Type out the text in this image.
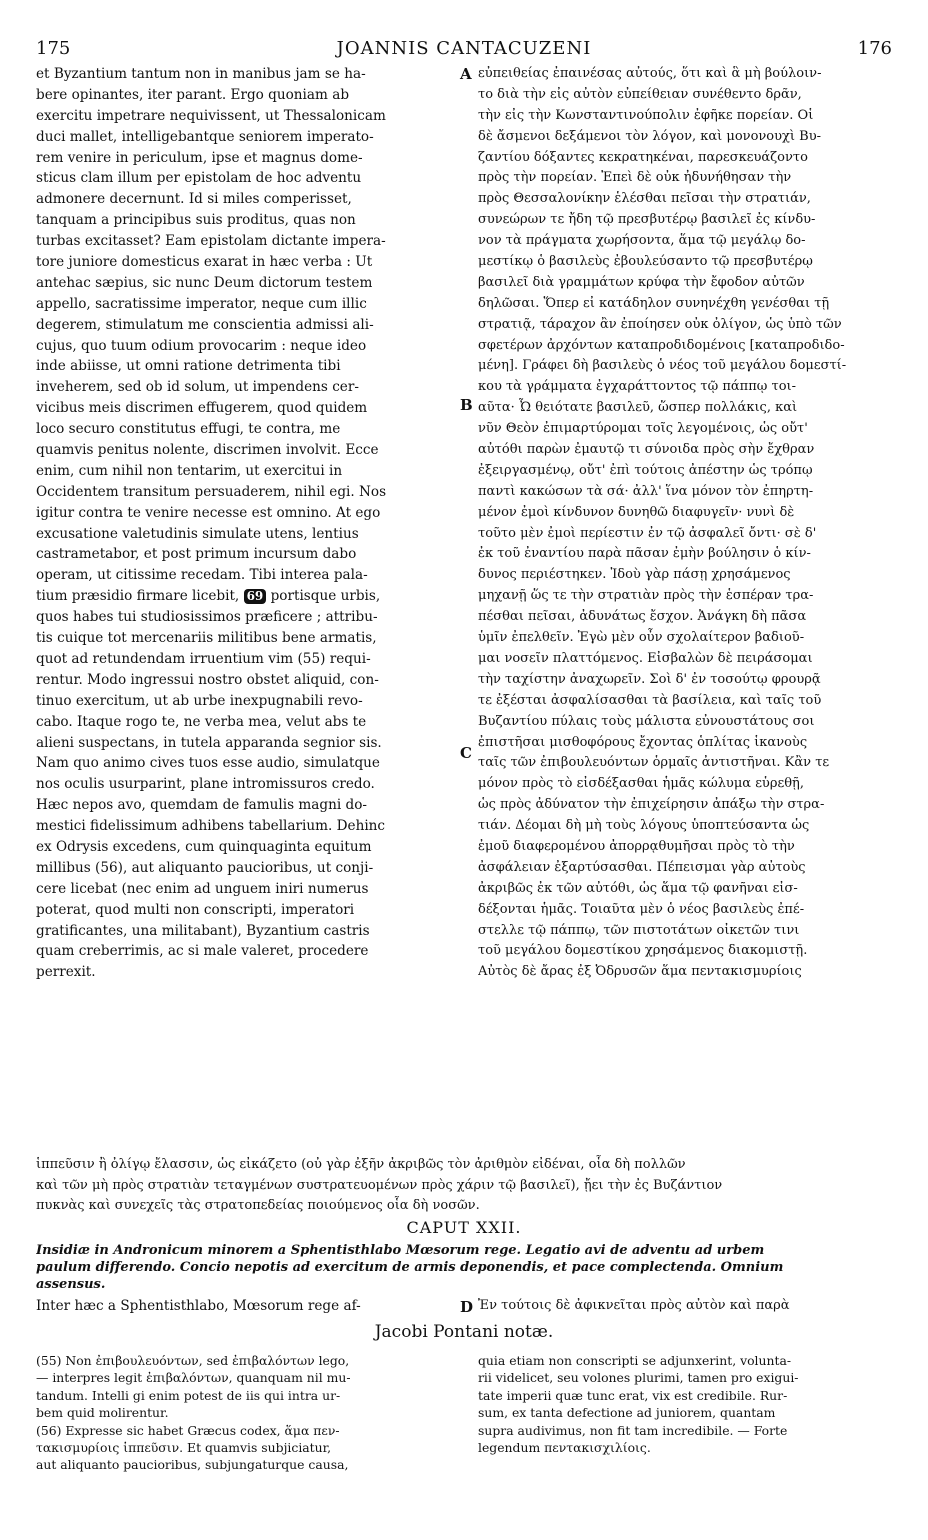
175	JOANNIS CANTACUZENI	176
et Byzantium tantum non in manibus jam se ha-
bere opinantes, iter parant. Ergo quoniam ab
exercitu impetrare nequivissent, ut Thessalonicam
duci mallet, intelligebantque seniorem imperato-
rem venire in periculum, ipse et magnus dome-
sticus clam illum per epistolam de hoc adventu
admonere decernunt. Id si miles comperisset,
tanquam a principibus suis proditus, quas non
turbas excitasset? Eam epistolam dictante impera-
tore juniore domesticus exarat in hæc verba : Ut
antehac sæpius, sic nunc Deum dictorum testem
appello, sacratissime imperator, neque cum illic
degerem, stimulatum me conscientia admissi ali-
cujus, quo tuum odium provocarim : neque ideo
inde abiisse, ut omni ratione detrimenta tibi
inveherem, sed ob id solum, ut impendens cer-
vicibus meis discrimen effugerem, quod quidem
loco securo constitutus effugi, te contra, me
quamvis penitus nolente, discrimen involvit. Ecce
enim, cum nihil non tentarim, ut exercitui in
Occidentem transitum persuaderem, nihil egi. Nos
igitur contra te venire necesse est omnino. At ego
excusatione valetudinis simulate utens, lentius
castrametabor, et post primum incursum dabo
operam, ut citissime recedam. Tibi interea pala-
tium præsidio firmare licebit, 69 portisque urbis,
quos habes tui studiosissimos præficere ; attribu-
tis cuique tot mercenariis militibus bene armatis,
quot ad retundendam irruentium vim (55) requi-
rentur. Modo ingressui nostro obstet aliquid, con-
tinuo exercitum, ut ab urbe inexpugnabili revo-
cabo. Itaque rogo te, ne verba mea, velut abs te
alieni suspectans, in tutela apparanda segnior sis.
Nam quo animo cives tuos esse audio, simulatque
nos oculis usurparint, plane intromissuros credo.
Hæc nepos avo, quemdam de famulis magni do-
mestici fidelissimum adhibens tabellarium. Dehinc
ex Odrysis excedens, cum quinquaginta equitum
millibus (56), aut aliquanto paucioribus, ut conji-
cere licebat (nec enim ad unguem iniri numerus
poterat, quod multi non conscripti, imperatori
gratificantes, una militabant), Byzantium castris
quam creberrimis, ac si male valeret, procedere
perrexit.
εὐπειθείας ἐπαινέσας αὐτούς, ὅτι καὶ ἃ μὴ βούλοιν-
το διὰ τὴν εἰς αὐτὸν εὐπείθειαν συνέθεντο δρᾶν,
τὴν εἰς τὴν Κωνσταντινούπολιν ἐφῆκε πορείαν. Οἱ
δὲ ἄσμενοι δεξάμενοι τὸν λόγον, καὶ μονονουχὶ Βυ-
ζαντίου δόξαντες κεκρατηκέναι, παρεσκευάζοντο
πρὸς τὴν πορείαν. Ἐπεὶ δὲ οὐκ ἠδυνήθησαν τὴν
πρὸς Θεσσαλονίκην ἑλέσθαι πεῖσαι τὴν στρατιάν,
συνεώρων τε ἤδη τῷ πρεσβυτέρῳ βασιλεῖ ἐς κίνδυ-
νον τὰ πράγματα χωρήσοντα, ἅμα τῷ μεγάλῳ δο-
μεστίκῳ ὁ βασιλεὺς ἐβουλεύσαντο τῷ πρεσβυτέρῳ
βασιλεῖ διὰ γραμμάτων κρύφα τὴν ἔφοδον αὐτῶν
δηλῶσαι. Ὅπερ εἰ κατάδηλον συνηνέχθη γενέσθαι τῇ
στρατιᾷ, τάραχον ἂν ἐποίησεν οὐκ ὀλίγον, ὡς ὑπὸ τῶν
σφετέρων ἀρχόντων καταπροδιδομένοις [καταπροδιδο-
μένη]. Γράφει δὴ βασιλεὺς ὁ νέος τοῦ μεγάλου δομεστί-
κου τὰ γράμματα ἐγχαράττοντος τῷ πάππῳ τοι-
αῦτα· Ὦ θειότατε βασιλεῦ, ὥσπερ πολλάκις, καὶ
νῦν Θεὸν ἐπιμαρτύρομαι τοῖς λεγομένοις, ὡς οὔτ'
αὐτόθι παρὼν ἐμαυτῷ τι σύνοιδα πρὸς σὴν ἔχθραν
ἐξειργασμένῳ, οὔτ' ἐπὶ τούτοις ἀπέστην ὡς τρόπῳ
παντὶ κακώσων τὰ σά· ἀλλ' ἵνα μόνον τὸν ἐπηρτη-
μένον ἐμοὶ κίνδυνον δυνηθῶ διαφυγεῖν· νυνὶ δὲ
τοῦτο μὲν ἐμοὶ περίεστιν ἐν τῷ ἀσφαλεῖ ὄντι· σὲ δ'
ἐκ τοῦ ἐναντίου παρὰ πᾶσαν ἐμὴν βούλησιν ὁ κίν-
δυνος περιέστηκεν. Ἰδοὺ γὰρ πάσῃ χρησάμενος
μηχανῇ ὥς τε τὴν στρατιὰν πρὸς τὴν ἑσπέραν τρα-
πέσθαι πεῖσαι, ἀδυνάτως ἔσχον. Ἀνάγκη δὴ πᾶσα
ὑμῖν ἐπελθεῖν. Ἐγὼ μὲν οὖν σχολαίτερον βαδιοῦ-
μαι νοσεῖν πλαττόμενος. Εἰσβαλὼν δὲ πειράσομαι
τὴν ταχίστην ἀναχωρεῖν. Σοὶ δ' ἐν τοσούτῳ φρουρᾷ
τε ἐξέσται ἀσφαλίσασθαι τὰ βασίλεια, καὶ ταῖς τοῦ
Βυζαντίου πύλαις τοὺς μάλιστα εὐνουστάτους σοι
ἐπιστῆσαι μισθοφόρους ἔχοντας ὁπλίτας ἱκανοὺς
ταῖς τῶν ἐπιβουλευόντων ὁρμαῖς ἀντιστῆναι. Κἂν τε
μόνον πρὸς τὸ εἰσδέξασθαι ἡμᾶς κώλυμα εὑρεθῇ,
ὡς πρὸς ἀδύνατον τὴν ἐπιχείρησιν ἀπάξω τὴν στρα-
τιάν. Δέομαι δὴ μὴ τοὺς λόγους ὑποπτεύσαντα ὡς
ἐμοῦ διαφερομένου ἀπορρᾳθυμῆσαι πρὸς τὸ τὴν
ἀσφάλειαν ἐξαρτύσασθαι. Πέπεισμαι γὰρ αὐτοὺς
ἀκριβῶς ἐκ τῶν αὐτόθι, ὡς ἅμα τῷ φανῆναι εἰσ-
δέξονται ἡμᾶς. Τοιαῦτα μὲν ὁ νέος βασιλεὺς ἐπέ-
στελλε τῷ πάππῳ, τῶν πιστοτάτων οἰκετῶν τινι
τοῦ μεγάλου δομεστίκου χρησάμενος διακομιστῇ.
Αὐτὸς δὲ ἄρας ἐξ Ὀδρυσῶν ἅμα πεντακισμυρίοις
A
B
C
D
ἱππεῦσιν ἢ ὀλίγῳ ἔλασσιν, ὡς εἰκάζετο (οὐ γὰρ ἐξῆν ἀκριβῶς τὸν ἀριθμὸν εἰδέναι, οἷα δὴ πολλῶν
καὶ τῶν μὴ πρὸς στρατιὰν τεταγμένων συστρατευομένων πρὸς χάριν τῷ βασιλεῖ), ᾔει τὴν ἐς Βυζάντιον
πυκνὰς καὶ συνεχεῖς τὰς στρατοπεδείας ποιούμενος οἷα δὴ νοσῶν.
CAPUT XXII.
Insidiæ in Andronicum minorem a Sphentisthlabo Mœsorum rege. Legatio avi de adventu ad urbem
paulum differendo. Concio nepotis ad exercitum de armis deponendis, et pace complectenda. Omnium
assensus.
Inter hæc a Sphentisthlabo, Mœsorum rege af-	Ἐν τούτοις δὲ ἀφικνεῖται πρὸς αὐτὸν καὶ παρὰ
Jacobi Pontani notæ.
(55) Non ἐπιβουλευόντων, sed ἐπιβαλόντων lego,
— interpres legit ἐπιβαλόντων, quanquam nil mu-
tandum. Intelli gi enim potest de iis qui intra ur-
bem quid molirentur.
(56) Expresse sic habet Græcus codex, ἅμα πεν-
τακισμυρίοις ἱππεῦσιν. Et quamvis subjiciatur,
aut aliquanto paucioribus, subjungaturque causa,
quia etiam non conscripti se adjunxerint, volunta-
rii videlicet, seu volones plurimi, tamen pro exigui-
tate imperii quæ tunc erat, vix est credibile. Rur-
sum, ex tanta defectione ad juniorem, quantam
supra audivimus, non fit tam incredibile. — Forte
legendum πεντακισχιλίοις.
